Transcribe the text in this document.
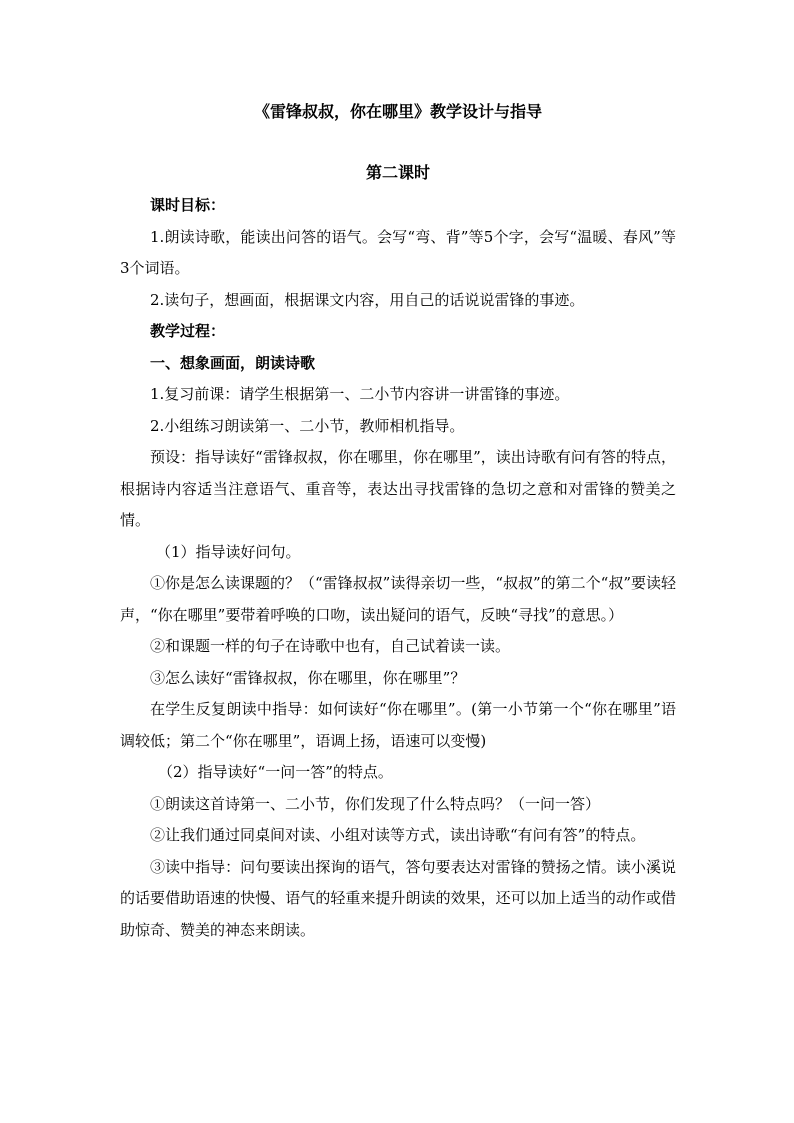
《雷锋叔叔，你在哪里》教学设计与指导
第二课时

课时目标：

1.朗读诗歌，能读出问答的语气。会写“弯、背”等5个字，会写“温暖、春风”等3个词语。

2.读句子，想画面，根据课文内容，用自己的话说说雷锋的事迹。

教学过程：

一、想象画面，朗读诗歌

1.复习前课：请学生根据第一、二小节内容讲一讲雷锋的事迹。

2.小组练习朗读第一、二小节，教师相机指导。

预设：指导读好“雷锋叔叔，你在哪里，你在哪里”，读出诗歌有问有答的特点，根据诗内容适当注意语气、重音等，表达出寻找雷锋的急切之意和对雷锋的赞美之情。

（1）指导读好问句。

①你是怎么读课题的？（“雷锋叔叔”读得亲切一些，“叔叔”的第二个“叔”要读轻声，“你在哪里”要带着呼唤的口吻，读出疑问的语气，反映“寻找”的意思。）

②和课题一样的句子在诗歌中也有，自己试着读一读。

③怎么读好“雷锋叔叔，你在哪里，你在哪里”？

在学生反复朗读中指导：如何读好“你在哪里”。(第一小节第一个“你在哪里”语调较低；第二个“你在哪里”，语调上扬，语速可以变慢)

（2）指导读好“一问一答”的特点。

①朗读这首诗第一、二小节，你们发现了什么特点吗？（一问一答）

②让我们通过同桌间对读、小组对读等方式，读出诗歌“有问有答”的特点。

③读中指导：问句要读出探询的语气，答句要表达对雷锋的赞扬之情。读小溪说的话要借助语速的快慢、语气的轻重来提升朗读的效果，还可以加上适当的动作或借助惊奇、赞美的神态来朗读。
